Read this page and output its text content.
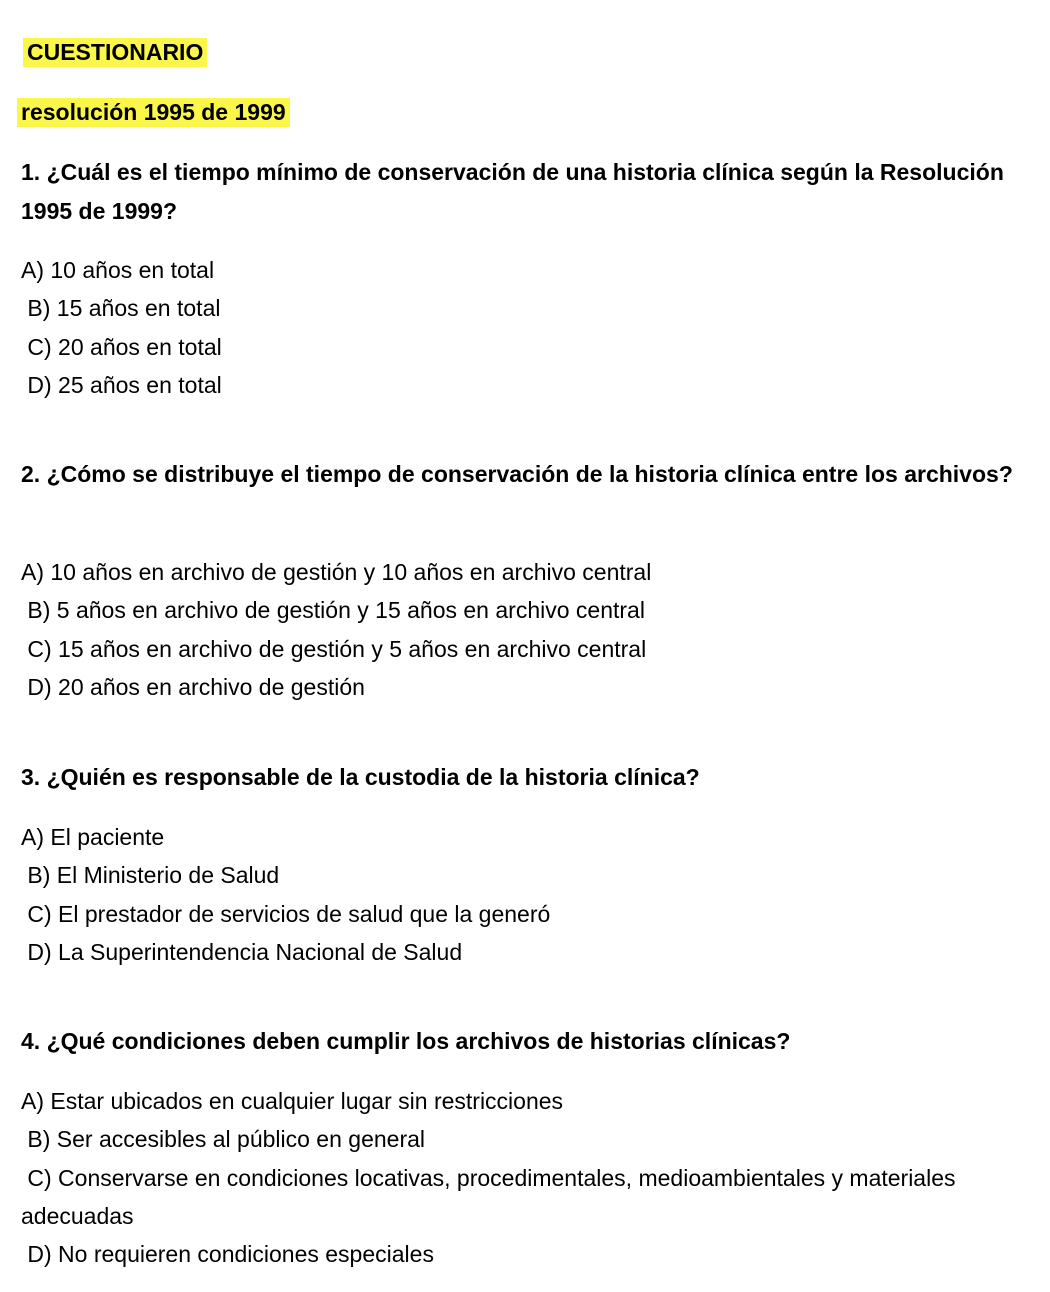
CUESTIONARIO
resolución 1995 de 1999

1. ¿Cuál es el tiempo mínimo de conservación de una historia clínica según la Resolución 1995 de 1999?

A) 10 años en total
B) 15 años en total
C) 20 años en total
D) 25 años en total

2. ¿Cómo se distribuye el tiempo de conservación de la historia clínica entre los archivos?

A) 10 años en archivo de gestión y 10 años en archivo central
B) 5 años en archivo de gestión y 15 años en archivo central
C) 15 años en archivo de gestión y 5 años en archivo central
D) 20 años en archivo de gestión

3. ¿Quién es responsable de la custodia de la historia clínica?

A) El paciente
B) El Ministerio de Salud
C) El prestador de servicios de salud que la generó
D) La Superintendencia Nacional de Salud

4. ¿Qué condiciones deben cumplir los archivos de historias clínicas?

A) Estar ubicados en cualquier lugar sin restricciones
B) Ser accesibles al público en general
C) Conservarse en condiciones locativas, procedimentales, medioambientales y materiales adecuadas
D) No requieren condiciones especiales
